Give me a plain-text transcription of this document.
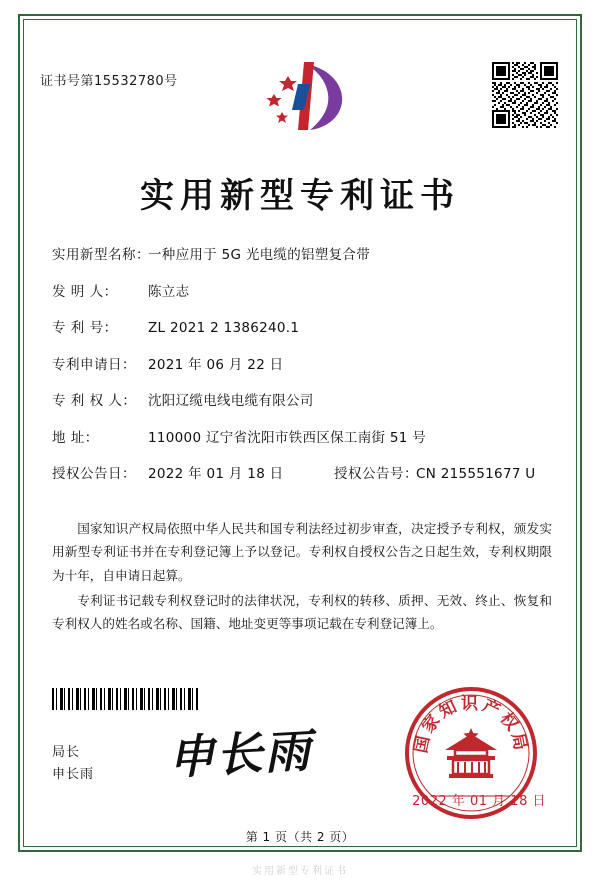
证书号第15532780号
实用新型专利证书
实用新型名称：
一种应用于 5G 光电缆的铝塑复合带
发 明 人：	陈立志
专 利 号：	ZL 2021 2 1386240.1
专利申请日： 2021 年 06 月 22 日
专 利 权 人： 沈阳辽缆电线电缆有限公司
地 址：	110000 辽宁省沈阳市铁西区保工南街 51 号
授权公告日： 2022 年 01 月 18 日	授权公告号：
CN 215551677 U

国家知识产权局依照中华人民共和国专利法经过初步审查，决定授予专利权，颁发实用新型专利证书并在专利登记簿上予以登记。专利权自授权公告之日起生效，专利权期限为十年，自申请日起算。

专利证书记载专利权登记时的法律状况，专利权的转移、质押、无效、终止、恢复和专利权人的姓名或名称、国籍、地址变更等事项记载在专利登记簿上。

局长
申长雨 申长雨	国家知识产权局
2022 年 01 月 18 日
第 1 页（共 2 页）
实用新型专利证书
